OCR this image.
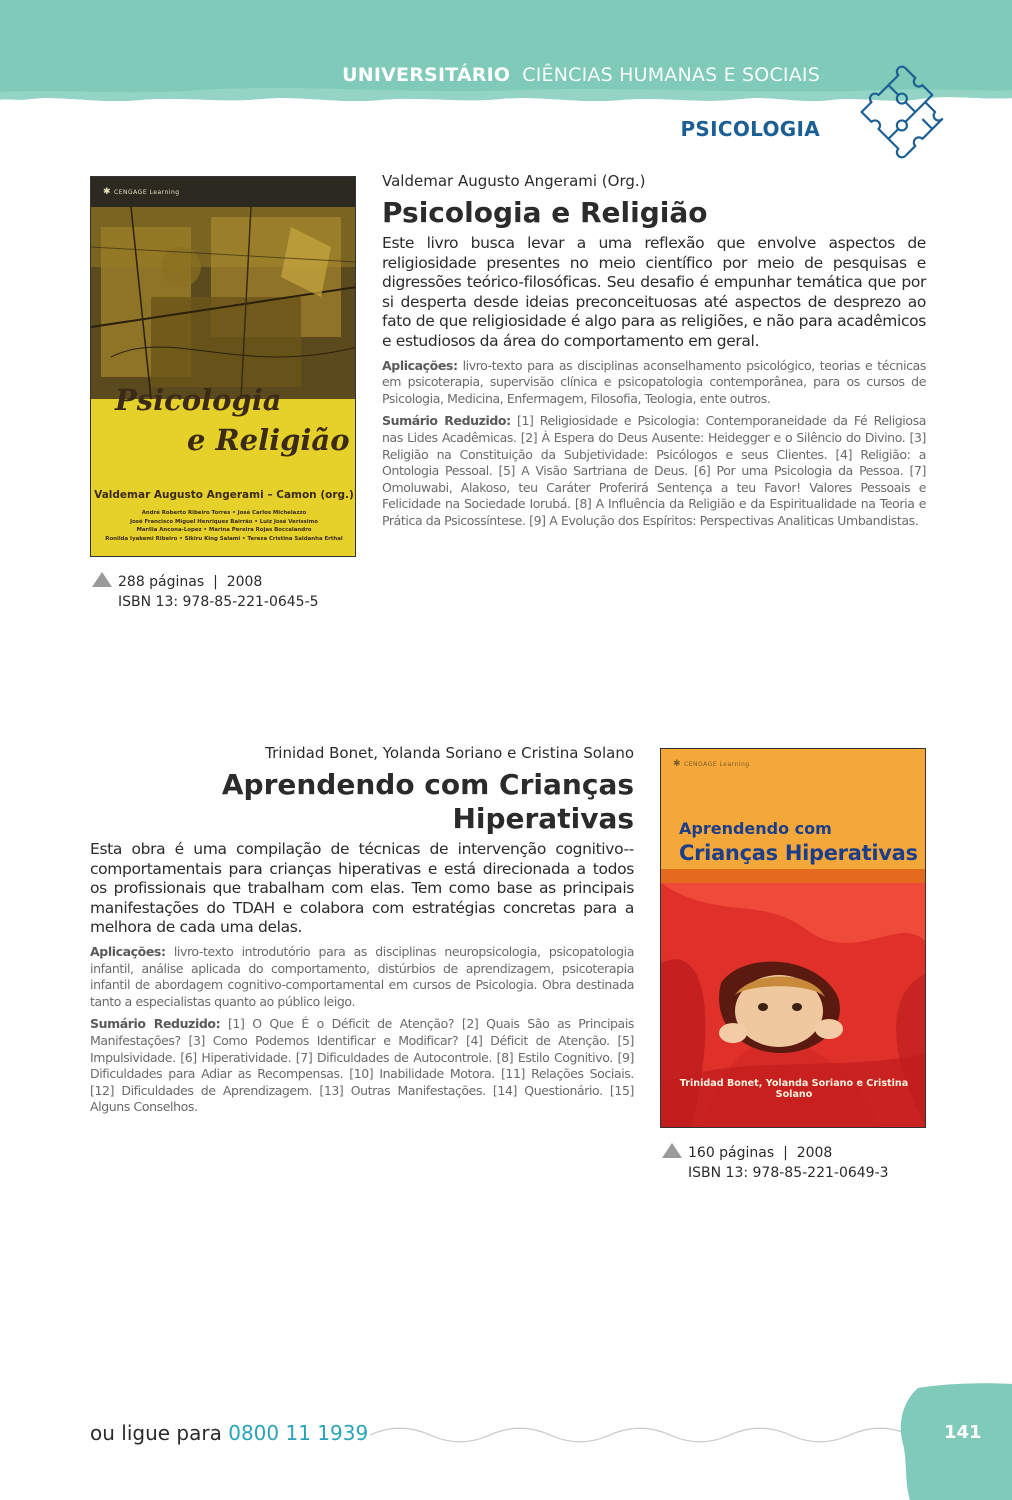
UNIVERSITÁRIO CIÊNCIAS HUMANAS E SOCIAIS
PSICOLOGIA
✱ CENGAGE Learning
Psicologia
e Religião
Valdemar Augusto Angerami – Camon (org.)
André Roberto Ribeiro Torres • José Carlos Michelazzo
José Francisco Miguel Henriques Bairrão • Luiz José Veríssimo
Marília Ancona-Lopez • Marina Pereira Rojas Boccalandro
Ronilda Iyakemi Ribeiro • Sikiru King Salami • Tereza Cristina Saldanha Erthal
288 páginas  |  2008
ISBN 13: 978-85-221-0645-5
Valdemar Augusto Angerami (Org.)
Psicologia e Religião

Este livro busca levar a uma reflexão que envolve aspectos de religiosidade presentes no meio científico por meio de pesquisas e digressões teórico-filosóficas. Seu desafio é empunhar temática que por si desperta desde ideias preconceituosas até aspectos de desprezo ao fato de que religiosidade é algo para as religiões, e não para acadêmicos e estudiosos da área do comportamento em geral.

Aplicações: livro-texto para as disciplinas aconselhamento psicológico, teorias e técnicas em psicoterapia, supervisão clínica e psicopatologia contemporânea, para os cursos de Psicologia, Medicina, Enfermagem, Filosofia, Teologia, ente outros.

Sumário Reduzido: [1] Religiosidade e Psicologia: Contemporaneidade da Fé Religiosa nas Lides Acadêmicas. [2] À Espera do Deus Ausente: Heidegger e o Silêncio do Divino. [3] Religião na Constituição da Subjetividade: Psicólogos e seus Clientes. [4] Religião: a Ontologia Pessoal. [5] A Visão Sartriana de Deus. [6] Por uma Psicologia da Pessoa. [7] Omoluwabi, Alakoso, teu Caráter Proferirá Sentença a teu Favor! Valores Pessoais e Felicidade na Sociedade Iorubá. [8] A Influência da Religião e da Espiritualidade na Teoria e Prática da Psicossíntese. [9] A Evolução dos Espíritos: Perspectivas Analiticas Umbandistas.

Trinidad Bonet, Yolanda Soriano e Cristina Solano
Aprendendo com Crianças
Hiperativas

Esta obra é uma compilação de técnicas de intervenção cognitivo--comportamentais para crianças hiperativas e está direcionada a todos os profissionais que trabalham com elas. Tem como base as principais manifestações do TDAH e colabora com estratégias concretas para a melhora de cada uma delas.

Aplicações: livro-texto introdutório para as disciplinas neuropsicologia, psicopatologia infantil, análise aplicada do comportamento, distúrbios de aprendizagem, psicoterapia infantil de abordagem cognitivo-comportamental em cursos de Psicologia. Obra destinada tanto a especialistas quanto ao público leigo.

Sumário Reduzido: [1] O Que É o Déficit de Atenção? [2] Quais São as Principais Manifestações? [3] Como Podemos Identificar e Modificar? [4] Déficit de Atenção. [5] Impulsividade. [6] Hiperatividade. [7] Dificuldades de Autocontrole. [8] Estilo Cognitivo. [9] Dificuldades para Adiar as Recompensas. [10] Inabilidade Motora. [11] Relações Sociais. [12] Dificuldades de Aprendizagem. [13] Outras Manifestações. [14] Questionário. [15] Alguns Conselhos.

✱ CENGAGE Learning
Aprendendo com
Crianças Hiperativas
Trinidad Bonet, Yolanda Soriano e Cristina Solano
160 páginas  |  2008
ISBN 13: 978-85-221-0649-3
ou ligue para 0800 11 1939	141
